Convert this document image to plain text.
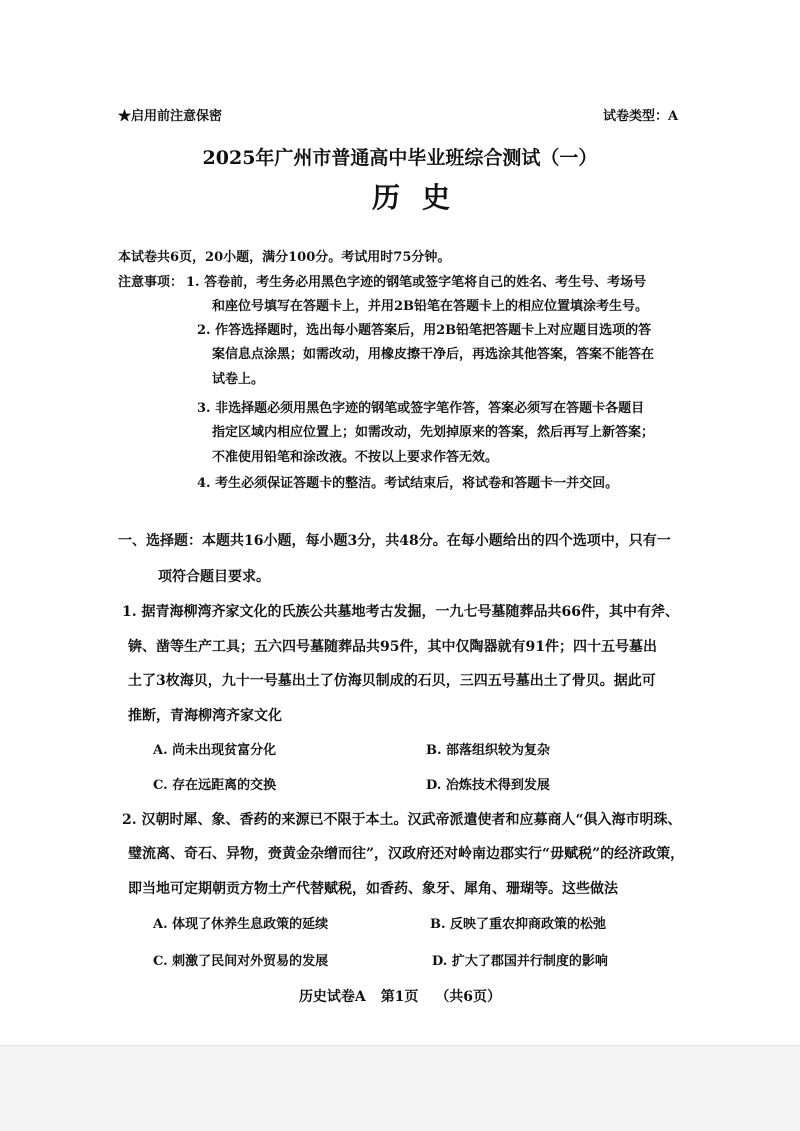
★启用前注意保密	试卷类型：A
2025年广州市普通高中毕业班综合测试（一）
历史
本试卷共6页，20小题，满分100分。考试用时75分钟。
注意事项： 1. 答卷前，考生务必用黑色字迹的钢笔或签字笔将自己的姓名、考生号、考场号
和座位号填写在答题卡上，并用2B铅笔在答题卡上的相应位置填涂考生号。
2. 作答选择题时，选出每小题答案后，用2B铅笔把答题卡上对应题目选项的答
案信息点涂黑；如需改动，用橡皮擦干净后，再选涂其他答案，答案不能答在
试卷上。
3. 非选择题必须用黑色字迹的钢笔或签字笔作答，答案必须写在答题卡各题目
指定区域内相应位置上；如需改动，先划掉原来的答案，然后再写上新答案；
不准使用铅笔和涂改液。不按以上要求作答无效。
4. 考生必须保证答题卡的整洁。考试结束后，将试卷和答题卡一并交回。
一、选择题：本题共16小题，每小题3分，共48分。在每小题给出的四个选项中，只有一
项符合题目要求。
1. 据青海柳湾齐家文化的氏族公共墓地考古发掘，一九七号墓随葬品共66件，其中有斧、
锛、凿等生产工具；五六四号墓随葬品共95件，其中仅陶器就有91件；四十五号墓出
土了3枚海贝，九十一号墓出土了仿海贝制成的石贝，三四五号墓出土了骨贝。据此可
推断，青海柳湾齐家文化
A. 尚未出现贫富分化	B. 部落组织较为复杂
C. 存在远距离的交换	D. 冶炼技术得到发展
2. 汉朝时犀、象、香药的来源已不限于本土。汉武帝派遣使者和应募商人“俱入海市明珠、
璧流离、奇石、异物，赍黄金杂缯而往”，汉政府还对岭南边郡实行“毋赋税”的经济政策，
即当地可定期朝贡方物土产代替赋税，如香药、象牙、犀角、珊瑚等。这些做法
A. 体现了休养生息政策的延续	B. 反映了重农抑商政策的松弛
C. 刺激了民间对外贸易的发展	D. 扩大了郡国并行制度的影响
历史试卷A 第1页 （共6页）
